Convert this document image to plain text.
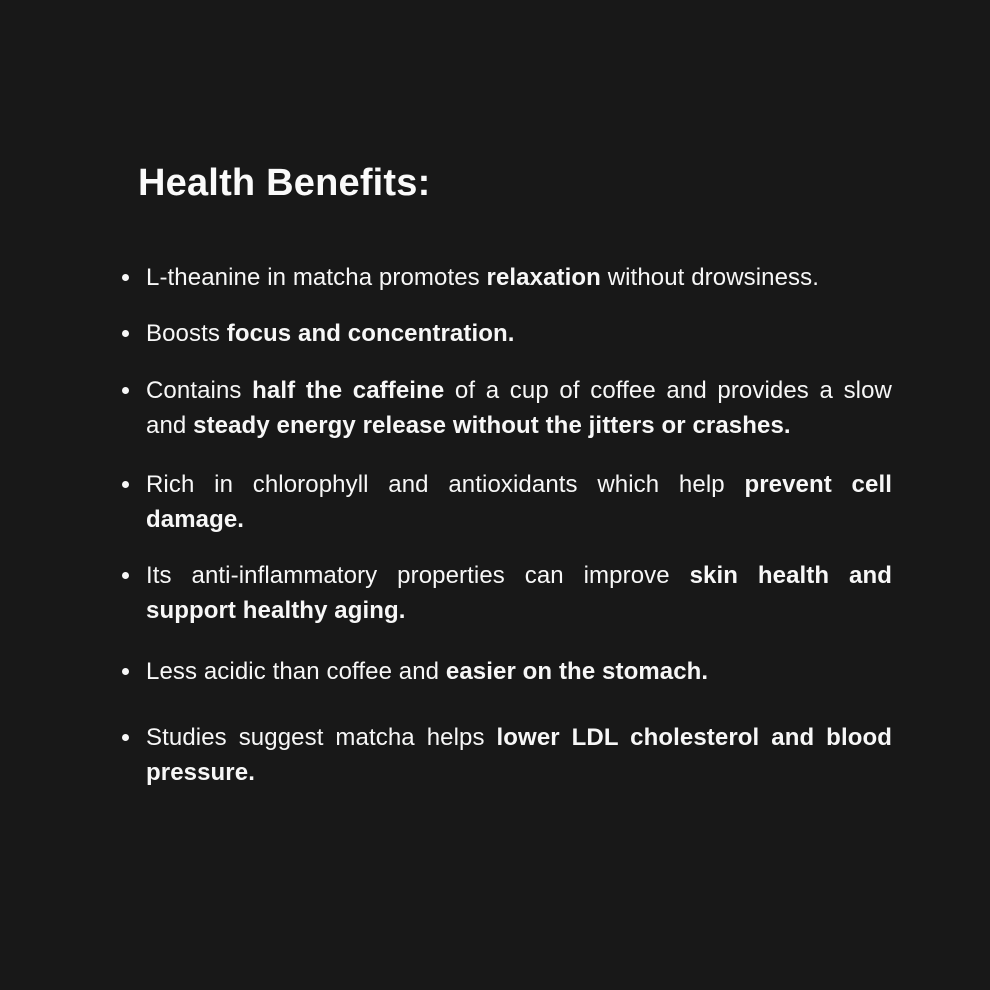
Health Benefits:
L-theanine in matcha promotes relaxation without drowsiness.
Boosts focus and concentration.
Contains half the caffeine of a cup of coffee and provides a slow and steady energy release without the jitters or crashes.
Rich in chlorophyll and antioxidants which help prevent cell damage.
Its anti-inflammatory properties can improve skin health and support healthy aging.
Less acidic than coffee and easier on the stomach.
Studies suggest matcha helps lower LDL cholesterol and blood pressure.
